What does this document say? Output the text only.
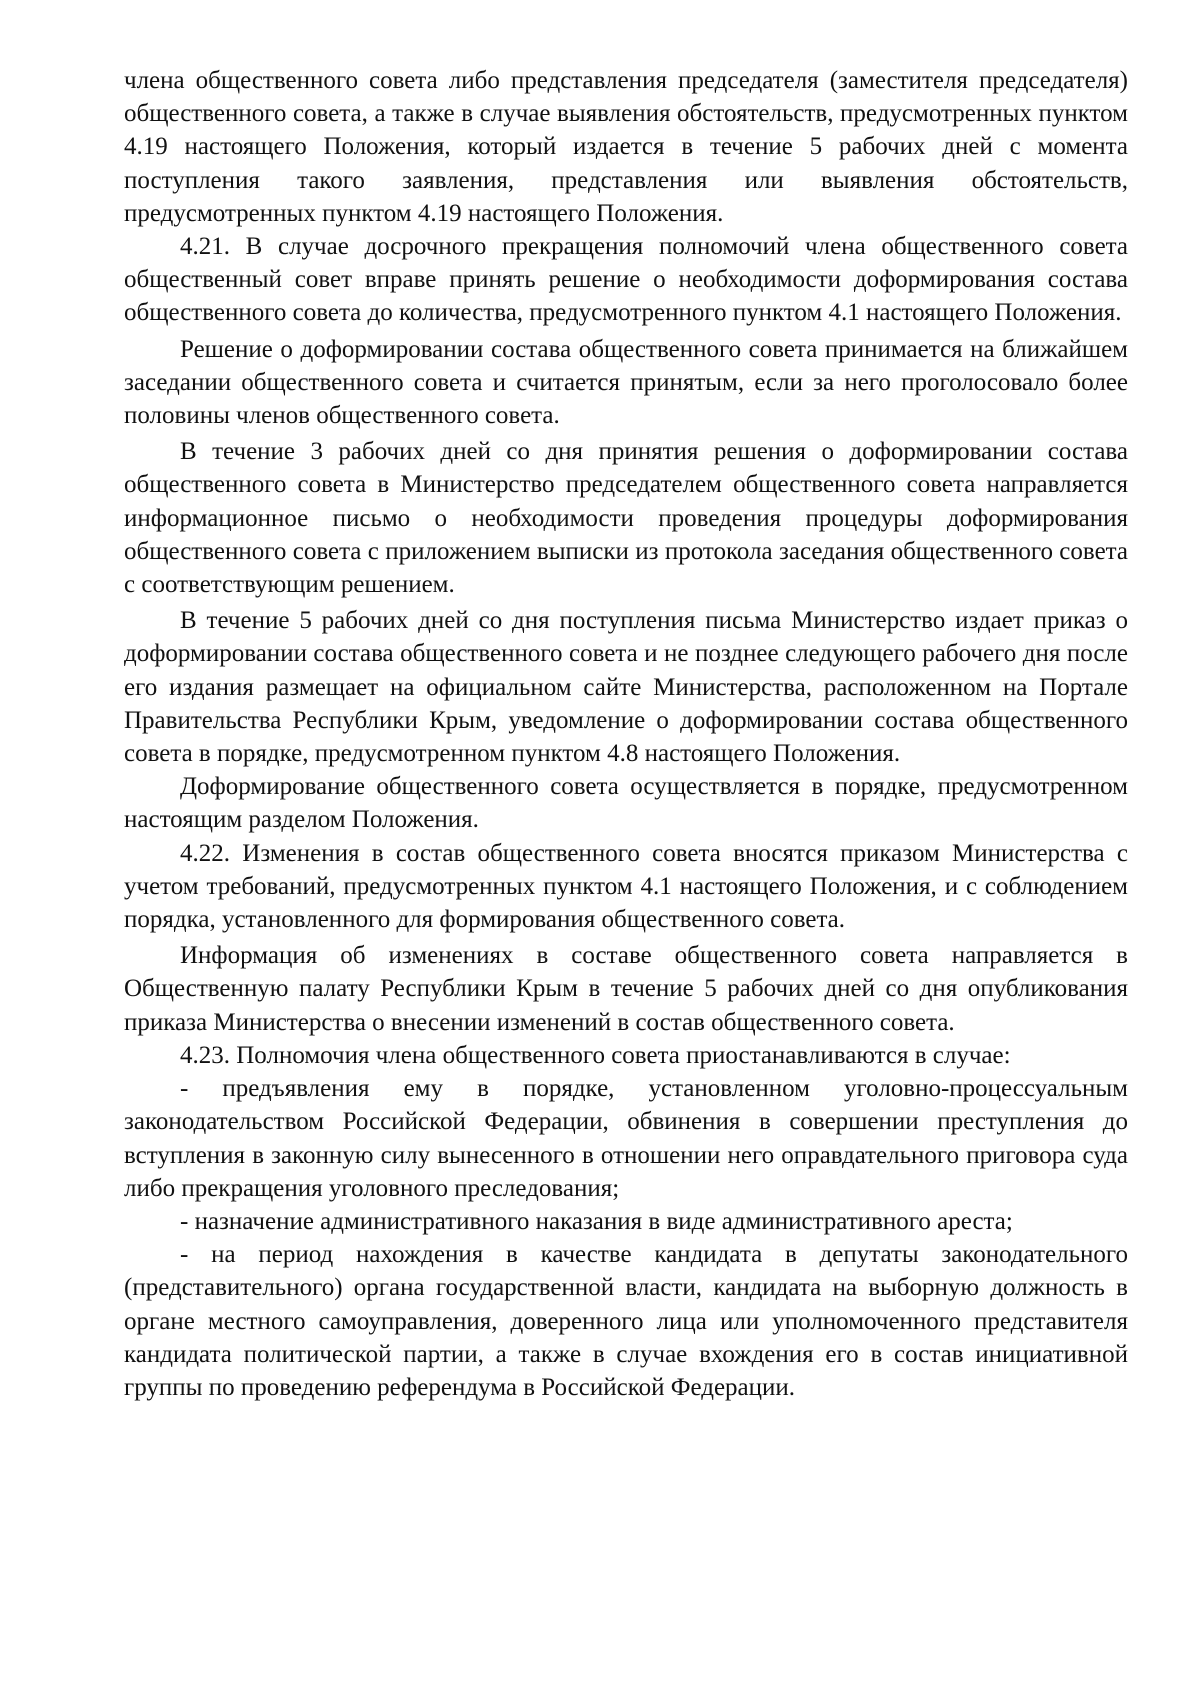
члена общественного совета либо представления председателя (заместителя председателя) общественного совета, а также в случае выявления обстоятельств, предусмотренных пунктом 4.19 настоящего Положения, который издается в течение 5 рабочих дней с момента поступления такого заявления, представления или выявления обстоятельств, предусмотренных пунктом 4.19 настоящего Положения.

4.21. В случае досрочного прекращения полномочий члена общественного совета общественный совет вправе принять решение о необходимости доформирования состава общественного совета до количества, предусмотренного пунктом 4.1 настоящего Положения.

Решение о доформировании состава общественного совета принимается на ближайшем заседании общественного совета и считается принятым, если за него проголосовало более половины членов общественного совета.

В течение 3 рабочих дней со дня принятия решения о доформировании состава общественного совета в Министерство председателем общественного совета направляется информационное письмо о необходимости проведения процедуры доформирования общественного совета с приложением выписки из протокола заседания общественного совета с соответствующим решением.

В течение 5 рабочих дней со дня поступления письма Министерство издает приказ о доформировании состава общественного совета и не позднее следующего рабочего дня после его издания размещает на официальном сайте Министерства, расположенном на Портале Правительства Республики Крым, уведомление о доформировании состава общественного совета в порядке, предусмотренном пунктом 4.8 настоящего Положения.

Доформирование общественного совета осуществляется в порядке, предусмотренном настоящим разделом Положения.

4.22. Изменения в состав общественного совета вносятся приказом Министерства с учетом требований, предусмотренных пунктом 4.1 настоящего Положения, и с соблюдением порядка, установленного для формирования общественного совета.

Информация об изменениях в составе общественного совета направляется в Общественную палату Республики Крым в течение 5 рабочих дней со дня опубликования приказа Министерства о внесении изменений в состав общественного совета.

4.23. Полномочия члена общественного совета приостанавливаются в случае:

- предъявления ему в порядке, установленном уголовно-процессуальным законодательством Российской Федерации, обвинения в совершении преступления до вступления в законную силу вынесенного в отношении него оправдательного приговора суда либо прекращения уголовного преследования;

- назначение административного наказания в виде административного ареста;

- на период нахождения в качестве кандидата в депутаты законодательного (представительного) органа государственной власти, кандидата на выборную должность в органе местного самоуправления, доверенного лица или уполномоченного представителя кандидата политической партии, а также в случае вхождения его в состав инициативной группы по проведению референдума в Российской Федерации.
